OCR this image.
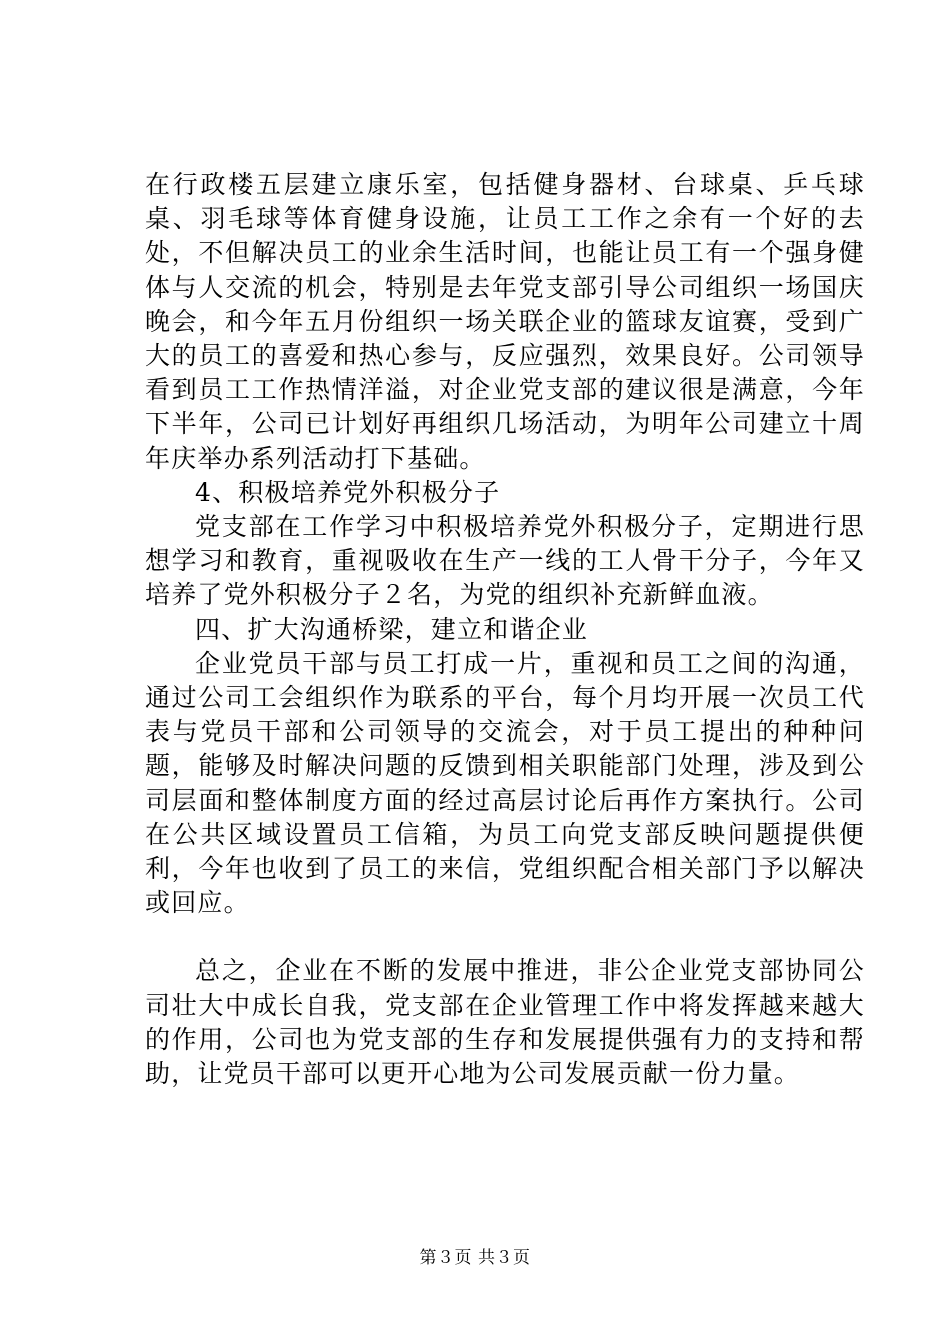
在行政楼五层建立康乐室，包括健身器材、台球桌、乒乓球桌、羽毛球等体育健身设施，让员工工作之余有一个好的去处，不但解决员工的业余生活时间，也能让员工有一个强身健体与人交流的机会，特别是去年党支部引导公司组织一场国庆晚会，和今年五月份组织一场关联企业的篮球友谊赛，受到广大的员工的喜爱和热心参与，反应强烈，效果良好。公司领导看到员工工作热情洋溢，对企业党支部的建议很是满意，今年下半年，公司已计划好再组织几场活动，为明年公司建立十周年庆举办系列活动打下基础。

4、积极培养党外积极分子

党支部在工作学习中积极培养党外积极分子，定期进行思想学习和教育，重视吸收在生产一线的工人骨干分子，今年又培养了党外积极分子２名，为党的组织补充新鲜血液。

四、扩大沟通桥梁，建立和谐企业

企业党员干部与员工打成一片，重视和员工之间的沟通，通过公司工会组织作为联系的平台，每个月均开展一次员工代表与党员干部和公司领导的交流会，对于员工提出的种种问题，能够及时解决问题的反馈到相关职能部门处理，涉及到公司层面和整体制度方面的经过高层讨论后再作方案执行。公司在公共区域设置员工信箱，为员工向党支部反映问题提供便利，今年也收到了员工的来信，党组织配合相关部门予以解决或回应。

总之，企业在不断的发展中推进，非公企业党支部协同公司壮大中成长自我，党支部在企业管理工作中将发挥越来越大的作用，公司也为党支部的生存和发展提供强有力的支持和帮助，让党员干部可以更开心地为公司发展贡献一份力量。

第３页 共３页
